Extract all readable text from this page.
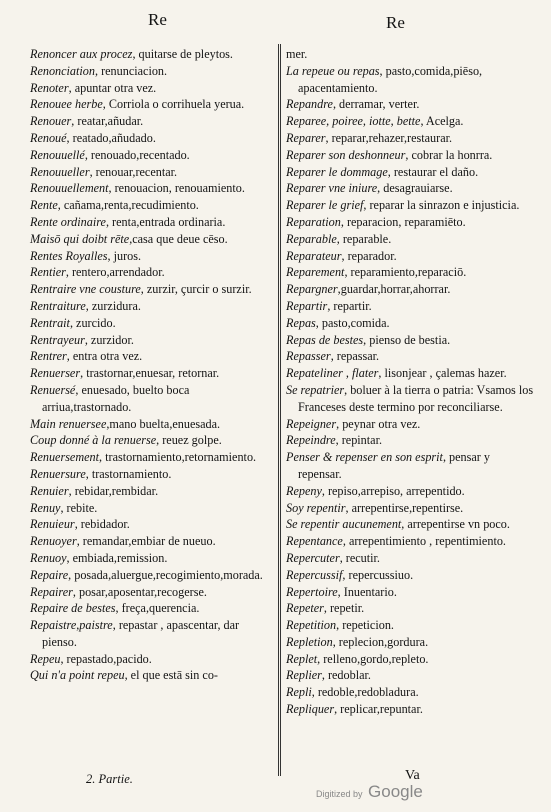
Re	Re

Renoncer aux procez, quitarse de pleytos.

Renonciation, renunciacion.

Renoter, apuntar otra vez.

Renouee herbe, Corriola o corrihuela yerua.

Renouer, reatar,añudar.

Renoué, reatado,añudado.

Renouuellé, renouado,recentado.

Renouueller, renouar,recentar.

Renouuellement, renouacion, renouamiento.

Rente, cañama,renta,recudimiento.

Rente ordinaire, renta,entrada ordinaria.

Maisō qui doibt rēte,casa que deue cēso.

Rentes Royalles, juros.

Rentier, rentero,arrendador.

Rentraire vne cousture, zurzir, çurcir o surzir.

Rentraiture, zurzidura.

Rentrait, zurcido.

Rentrayeur, zurzidor.

Rentrer, entra otra vez.

Renuerser, trastornar,enuesar, retornar.

Renuersé, enuesado, buelto boca arriua,trastornado.

Main renuersee,mano buelta,enuesada.

Coup donné à la renuerse, reuez golpe.

Renuersement, trastornamiento,retornamiento.

Renuersure, trastornamiento.

Renuier, rebidar,rembidar.

Renuy, rebite.

Renuieur, rebidador.

Renuoyer, remandar,embiar de nueuo.

Renuoy, embiada,remission.

Repaire, posada,aluergue,recogimiento,morada.

Repairer, posar,aposentar,recogerse.

Repaire de bestes, freça,querencia.

Repaistre,paistre, repastar , apascentar, dar pienso.

Repeu, repastado,pacido.

Qui n'a point repeu, el que estā sin co-

mer.

La repeue ou repas, pasto,comida,piēso, apacentamiento.

Repandre, derramar, verter.

Reparee, poiree, iotte, bette, Acelga.

Reparer, reparar,rehazer,restaurar.

Reparer son deshonneur, cobrar la honrra.

Reparer le dommage, restaurar el daño.

Reparer vne iniure, desagrauiarse.

Reparer le grief, reparar la sinrazon e injusticia.

Reparation, reparacion, reparamiēto.

Reparable, reparable.

Reparateur, reparador.

Reparement, reparamiento,reparaciō.

Repargner,guardar,horrar,ahorrar.

Repartir, repartir.

Repas, pasto,comida.

Repas de bestes, pienso de bestia.

Repasser, repassar.

Repateliner , flater, lisonjear , çalemas hazer.

Se repatrier, boluer à la tierra o patria: Vsamos los Franceses deste termino por reconciliarse.

Repeigner, peynar otra vez.

Repeindre, repintar.

Penser & repenser en son esprit, pensar y repensar.

Repeny, repiso,arrepiso, arrepentido.

Soy repentir, arrepentirse,repentirse.

Se repentir aucunement, arrepentirse vn poco.

Repentance, arrepentimiento , repentimiento.

Repercuter, recutir.

Repercussif, repercussiuo.

Repertoire, Inuentario.

Repeter, repetir.

Repetition, repeticion.

Repletion, replecion,gordura.

Replet, relleno,gordo,repleto.

Replier, redoblar.

Repli, redoble,redobladura.

Repliquer, replicar,repuntar.

2. Partie.
Digitized by Google
Va
